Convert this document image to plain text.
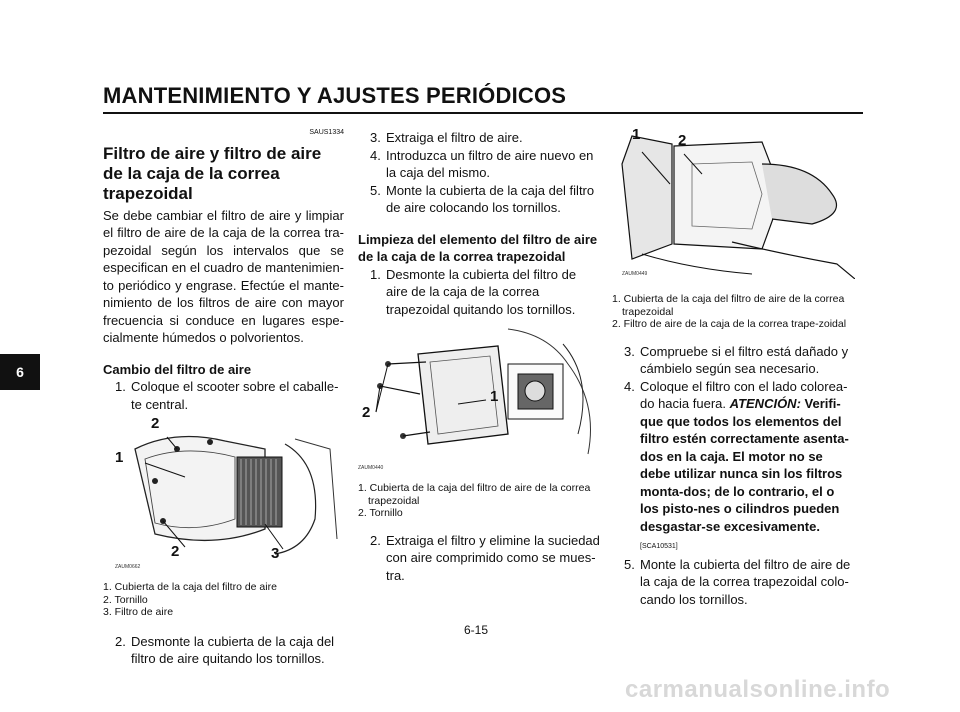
MANTENIMIENTO Y AJUSTES PERIÓDICOS
6
SAUS1334
Filtro de aire y filtro de aire de la caja de la correa trapezoidal

Se debe cambiar el filtro de aire y limpiar el filtro de aire de la caja de la correa tra-pezoidal según los intervalos que se especifican en el cuadro de mantenimien-to periódico y engrase. Efectúe el mante-nimiento de los filtros de aire con mayor frecuencia si conduce en lugares espe-cialmente húmedos o polvorientos.

Cambio del filtro de aire
1. Coloque el scooter sobre el caballe-te central.
1
2
2	3
ZAUM0662
1. Cubierta de la caja del filtro de aire
2. Tornillo
3. Filtro de aire
2. Desmonte la cubierta de la caja del filtro de aire quitando los tornillos.
3. Extraiga el filtro de aire.
4. Introduzca un filtro de aire nuevo en la caja del mismo.
5. Monte la cubierta de la caja del filtro de aire colocando los tornillos.
Limpieza del elemento del filtro de aire de la caja de la correa trapezoidal
1. Desmonte la cubierta del filtro de aire de la caja de la correa trapezoidal quitando los tornillos.
1
2
ZAUM0440
1. Cubierta de la caja del filtro de aire de la correa trapezoidal
2. Tornillo
2. Extraiga el filtro y elimine la suciedad con aire comprimido como se mues-tra.
1	2
ZAUM0449
1. Cubierta de la caja del filtro de aire de la correa trapezoidal
2. Filtro de aire de la caja de la correa trape-zoidal
3. Compruebe si el filtro está dañado y cámbielo según sea necesario.
4. Coloque el filtro con el lado colorea-do hacia fuera. ATENCIÓN: Verifi-que que todos los elementos del filtro estén correctamente asenta-dos en la caja. El motor no se debe utilizar nunca sin los filtros monta-dos; de lo contrario, el o los pisto-nes o cilindros pueden desgastar-se excesivamente. [SCA10531]
5. Monte la cubierta del filtro de aire de la caja de la correa trapezoidal colo-cando los tornillos.
6-15
carmanualsonline.info
